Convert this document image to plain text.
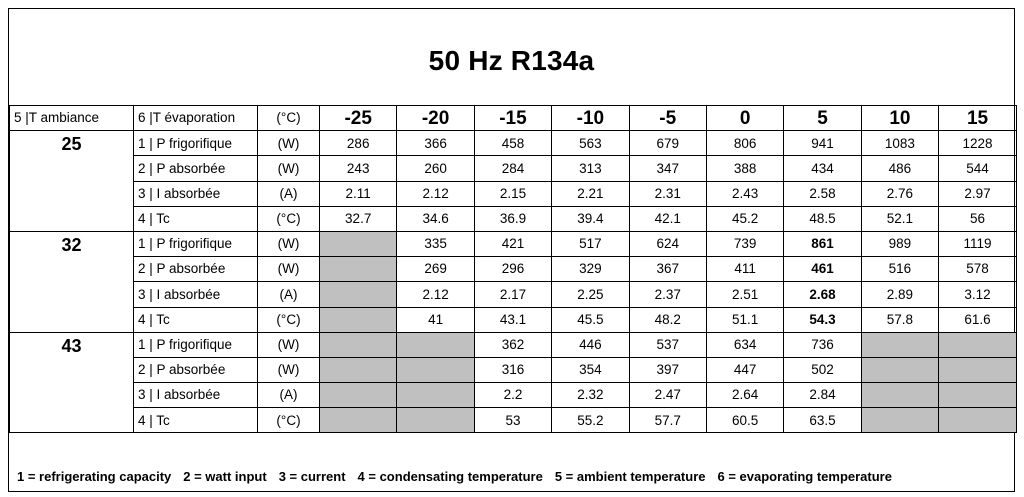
50 Hz R134a
5 |T ambiance	6 |T évaporation	(°C)	-25	-20	-15	-10	-5	0	5	10	15
25	1 | P frigorifique	(W)	286	366	458	563	679	806	941	1083	1228
	2 | P absorbée	(W)	243	260	284	313	347	388	434	486	544
	3 | I absorbée	(A)	2.11	2.12	2.15	2.21	2.31	2.43	2.58	2.76	2.97
	4 | Tc	(°C)	32.7	34.6	36.9	39.4	42.1	45.2	48.5	52.1	56
32	1 | P frigorifique	(W)		335	421	517	624	739	861	989	1119
	2 | P absorbée	(W)		269	296	329	367	411	461	516	578
	3 | I absorbée	(A)		2.12	2.17	2.25	2.37	2.51	2.68	2.89	3.12
	4 | Tc	(°C)		41	43.1	45.5	48.2	51.1	54.3	57.8	61.6
43	1 | P frigorifique	(W)			362	446	537	634	736		
	2 | P absorbée	(W)			316	354	397	447	502		
	3 | I absorbée	(A)			2.2	2.32	2.47	2.64	2.84		
	4 | Tc	(°C)			53	55.2	57.7	60.5	63.5		
1 = refrigerating capacity 2 = watt input 3 = current 4 = condensating temperature 5 = ambient temperature 6 = evaporating temperature
